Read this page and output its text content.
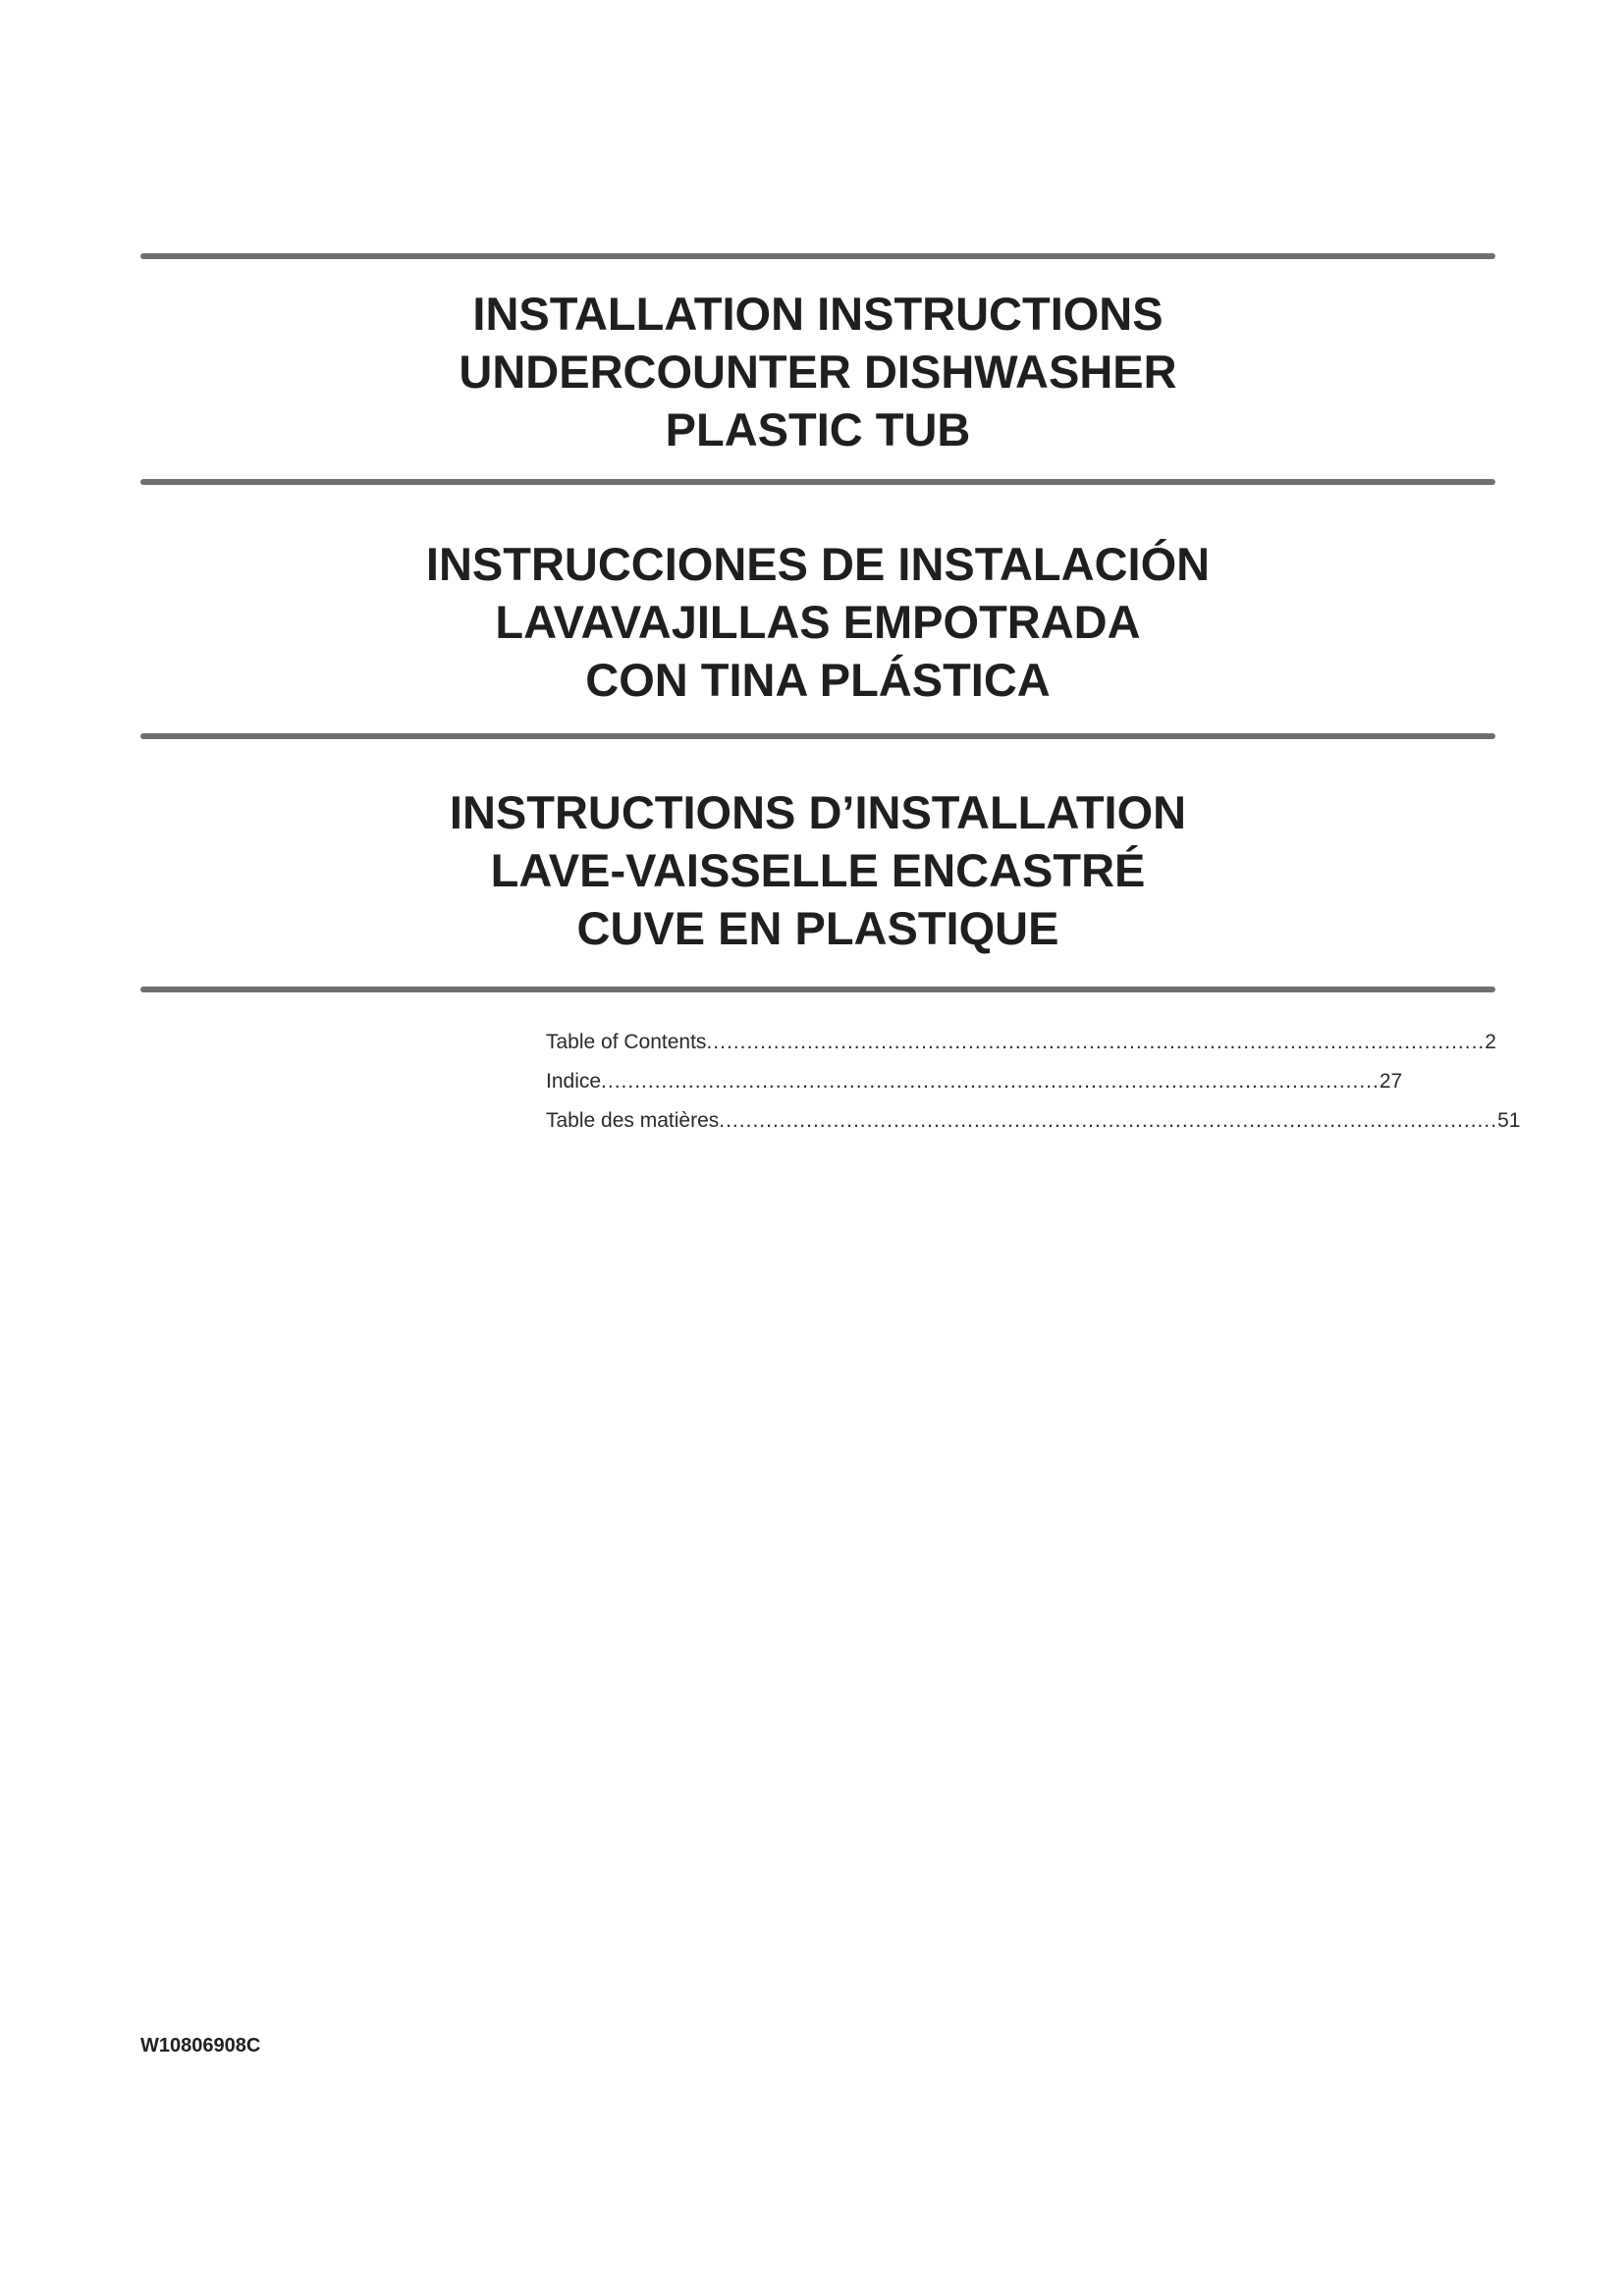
INSTALLATION INSTRUCTIONS
UNDERCOUNTER DISHWASHER
PLASTIC TUB
INSTRUCCIONES DE INSTALACIÓN
LAVAVAJILLAS EMPOTRADA
CON TINA PLÁSTICA
INSTRUCTIONS D’INSTALLATION
LAVE-VAISSELLE ENCASTRÉ
CUVE EN PLASTIQUE
Table of Contents .................................................................................................................... 2
Indice .................................................................................................................... 27
Table des matières .................................................................................................................... 51
W10806908C
